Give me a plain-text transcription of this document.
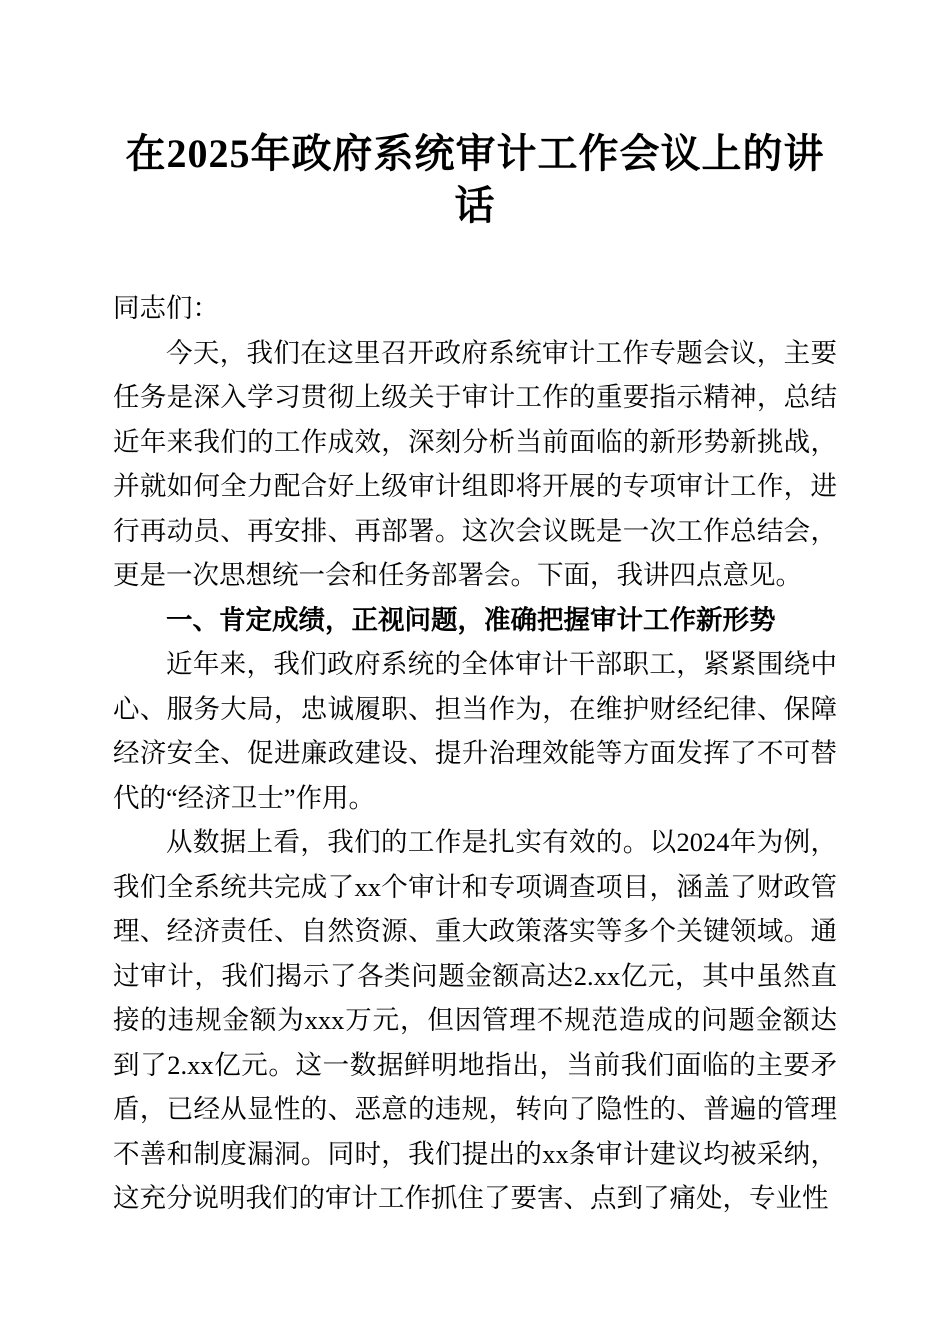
在2025年政府系统审计工作会议上的讲话

同志们：

今天，我们在这里召开政府系统审计工作专题会议，主要任务是深入学习贯彻上级关于审计工作的重要指示精神，总结近年来我们的工作成效，深刻分析当前面临的新形势新挑战，并就如何全力配合好上级审计组即将开展的专项审计工作，进行再动员、再安排、再部署。这次会议既是一次工作总结会，更是一次思想统一会和任务部署会。下面，我讲四点意见。

一、肯定成绩，正视问题，准确把握审计工作新形势

近年来，我们政府系统的全体审计干部职工，紧紧围绕中心、服务大局，忠诚履职、担当作为，在维护财经纪律、保障经济安全、促进廉政建设、提升治理效能等方面发挥了不可替代的“经济卫士”作用。

从数据上看，我们的工作是扎实有效的。以2024年为例，我们全系统共完成了xx个审计和专项调查项目，涵盖了财政管理、经济责任、自然资源、重大政策落实等多个关键领域。通过审计，我们揭示了各类问题金额高达2.xx亿元，其中虽然直接的违规金额为xxx万元，但因管理不规范造成的问题金额达到了2.xx亿元。这一数据鲜明地指出，当前我们面临的主要矛盾，已经从显性的、恶意的违规，转向了隐性的、普遍的管理不善和制度漏洞。同时，我们提出的xx条审计建议均被采纳，这充分说明我们的审计工作抓住了要害、点到了痛处，专业性
